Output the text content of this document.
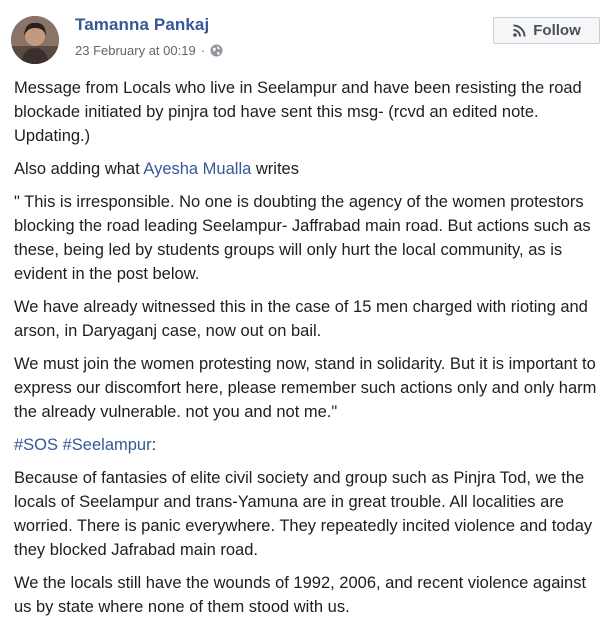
Tamanna Pankaj
23 February at 00:19 ·
Follow

Message from Locals who live in Seelampur and have been resisting the road blockade initiated by pinjra tod have sent this msg- (rcvd an edited note. Updating.)

Also adding what Ayesha Mualla writes

" This is irresponsible. No one is doubting the agency of the women protestors blocking the road leading Seelampur- Jaffrabad main road. But actions such as these, being led by students groups will only hurt the local community, as is evident in the post below.

We have already witnessed this in the case of 15 men charged with rioting and arson, in Daryaganj case, now out on bail.

We must join the women protesting now, stand in solidarity. But it is important to express our discomfort here, please remember such actions only and only harm the already vulnerable. not you and not me."

#SOS #Seelampur:

Because of fantasies of elite civil society and group such as Pinjra Tod, we the locals of Seelampur and trans-Yamuna are in great trouble. All localities are worried. There is panic everywhere. They repeatedly incited violence and today they blocked Jafrabad main road.

We the locals still have the wounds of 1992, 2006, and recent violence against us by state where none of them stood with us.
